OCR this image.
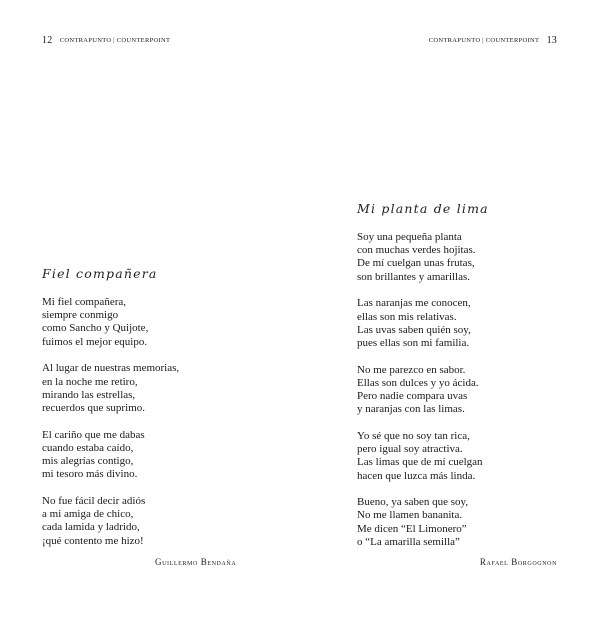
12 CONTRAPUNTO | COUNTERPOINT
Fiel compañera
Mi fiel compañera,
siempre conmigo
como Sancho y Quijote,
fuimos el mejor equipo.
Al lugar de nuestras memorias,
en la noche me retiro,
mirando las estrellas,
recuerdos que suprimo.
El cariño que me dabas
cuando estaba caído,
mis alegrías contigo,
mi tesoro más divino.
No fue fácil decir adiós
a mi amiga de chico,
cada lamida y ladrido,
¡qué contento me hizo!
Guillermo Bendaña
CONTRAPUNTO | COUNTERPOINT 13
Mi planta de lima
Soy una pequeña planta
con muchas verdes hojitas.
De mí cuelgan unas frutas,
son brillantes y amarillas.
Las naranjas me conocen,
ellas son mis relativas.
Las uvas saben quién soy,
pues ellas son mi familia.
No me parezco en sabor.
Ellas son dulces y yo ácida.
Pero nadie compara uvas
y naranjas con las limas.
Yo sé que no soy tan rica,
pero igual soy atractiva.
Las limas que de mí cuelgan
hacen que luzca más linda.
Bueno, ya saben que soy,
No me llamen bananita.
Me dicen “El Limonero”
o “La amarilla semilla”
Rafael Borgognon
